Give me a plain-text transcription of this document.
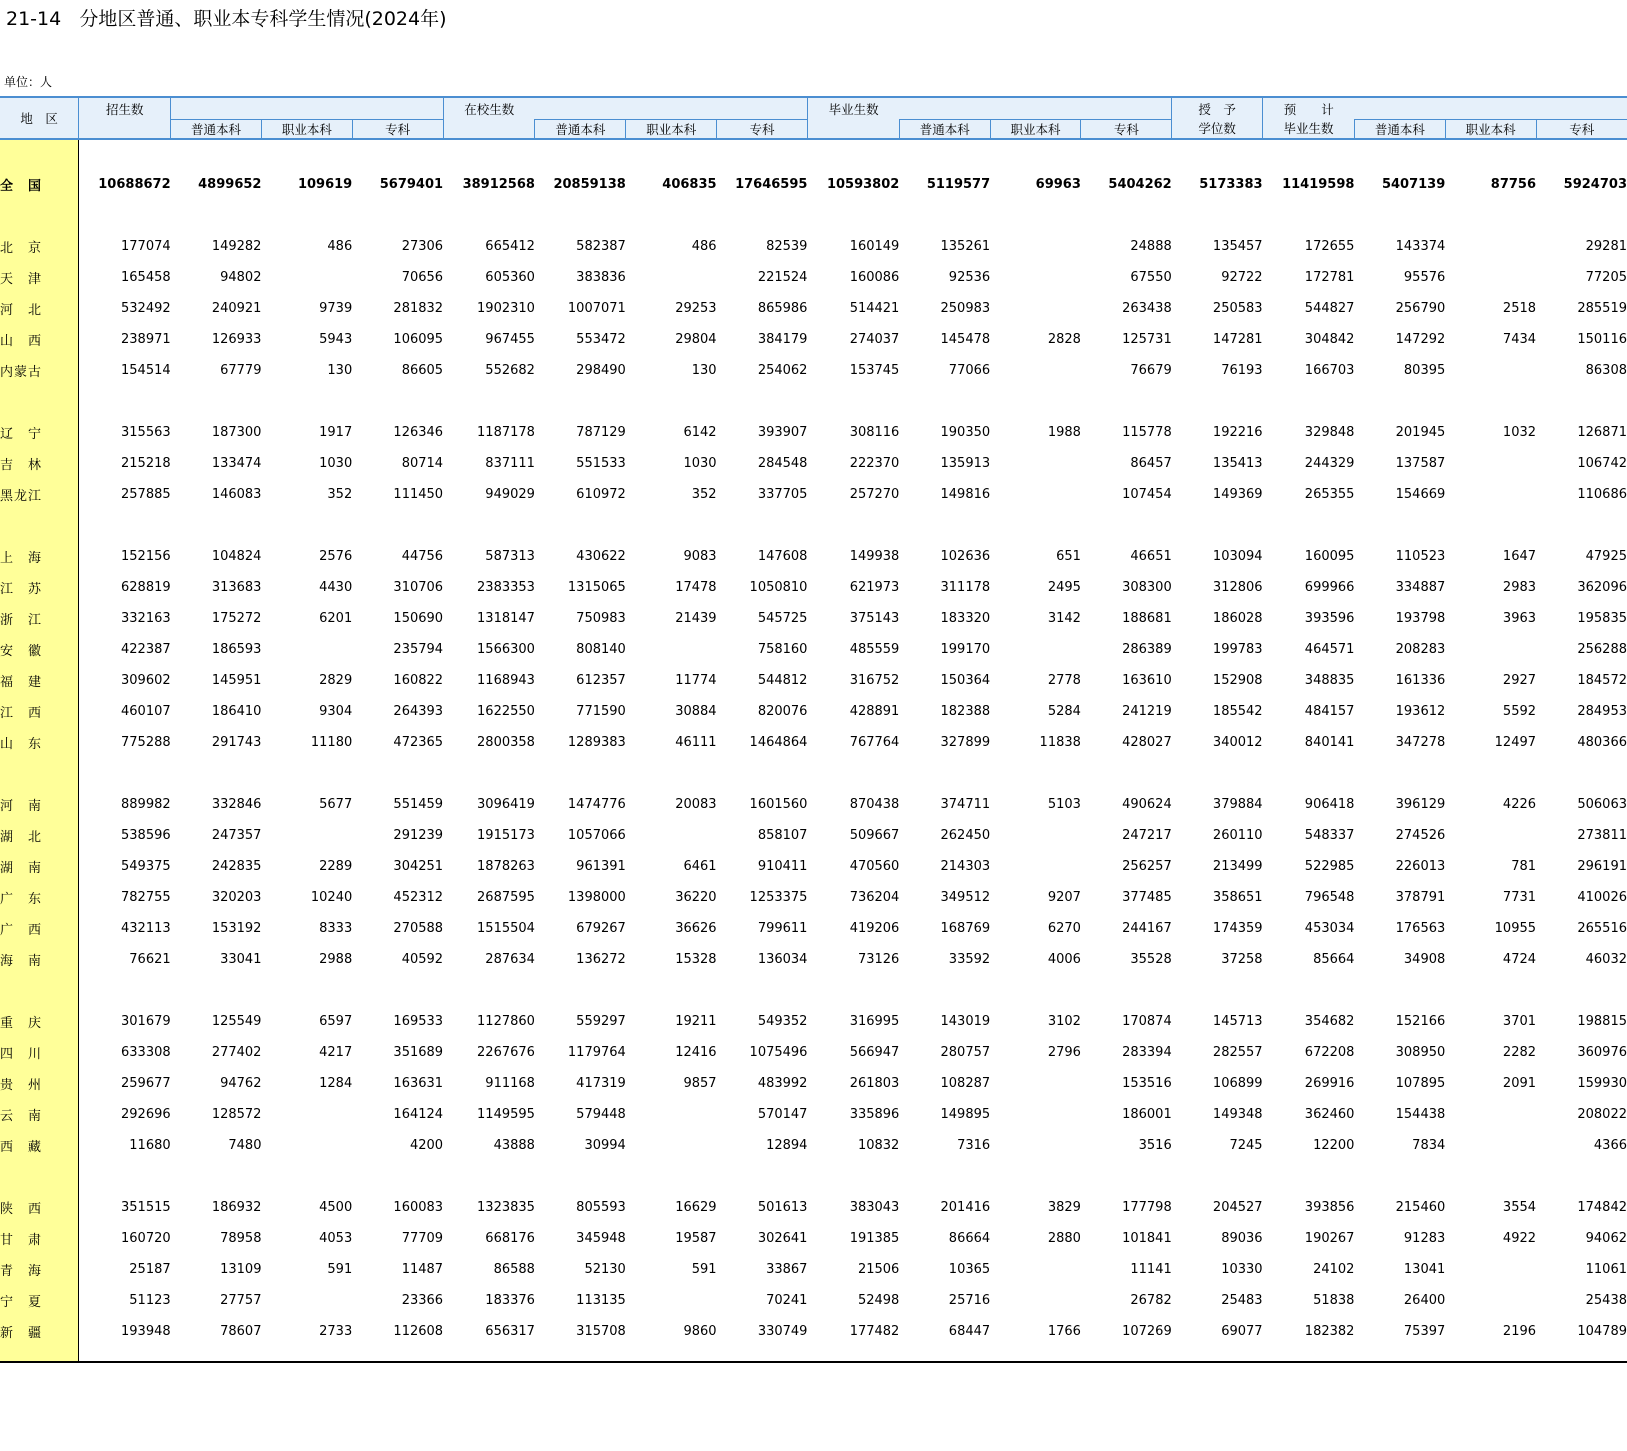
21-14   分地区普通、职业本专科学生情况(2024年)
单位：人
地　区	招生数				在校生数				毕业生数				授　予	预　　计			
		普通本科	职业本科	专科		普通本科	职业本科	专科		普通本科	职业本科	专科	学位数	毕业生数	普通本科	职业本科	专科

全　国	10688672	4899652	109619	5679401	38912568	20859138	406835	17646595	10593802	5119577	69963	5404262	5173383	11419598	5407139	87756	5924703

北　京	177074	149282	486	27306	665412	582387	486	82539	160149	135261		24888	135457	172655	143374		29281
天　津	165458	94802		70656	605360	383836		221524	160086	92536		67550	92722	172781	95576		77205
河　北	532492	240921	9739	281832	1902310	1007071	29253	865986	514421	250983		263438	250583	544827	256790	2518	285519
山　西	238971	126933	5943	106095	967455	553472	29804	384179	274037	145478	2828	125731	147281	304842	147292	7434	150116
内蒙古	154514	67779	130	86605	552682	298490	130	254062	153745	77066		76679	76193	166703	80395		86308

辽　宁	315563	187300	1917	126346	1187178	787129	6142	393907	308116	190350	1988	115778	192216	329848	201945	1032	126871
吉　林	215218	133474	1030	80714	837111	551533	1030	284548	222370	135913		86457	135413	244329	137587		106742
黑龙江	257885	146083	352	111450	949029	610972	352	337705	257270	149816		107454	149369	265355	154669		110686

上　海	152156	104824	2576	44756	587313	430622	9083	147608	149938	102636	651	46651	103094	160095	110523	1647	47925
江　苏	628819	313683	4430	310706	2383353	1315065	17478	1050810	621973	311178	2495	308300	312806	699966	334887	2983	362096
浙　江	332163	175272	6201	150690	1318147	750983	21439	545725	375143	183320	3142	188681	186028	393596	193798	3963	195835
安　徽	422387	186593		235794	1566300	808140		758160	485559	199170		286389	199783	464571	208283		256288
福　建	309602	145951	2829	160822	1168943	612357	11774	544812	316752	150364	2778	163610	152908	348835	161336	2927	184572
江　西	460107	186410	9304	264393	1622550	771590	30884	820076	428891	182388	5284	241219	185542	484157	193612	5592	284953
山　东	775288	291743	11180	472365	2800358	1289383	46111	1464864	767764	327899	11838	428027	340012	840141	347278	12497	480366

河　南	889982	332846	5677	551459	3096419	1474776	20083	1601560	870438	374711	5103	490624	379884	906418	396129	4226	506063
湖　北	538596	247357		291239	1915173	1057066		858107	509667	262450		247217	260110	548337	274526		273811
湖　南	549375	242835	2289	304251	1878263	961391	6461	910411	470560	214303		256257	213499	522985	226013	781	296191
广　东	782755	320203	10240	452312	2687595	1398000	36220	1253375	736204	349512	9207	377485	358651	796548	378791	7731	410026
广　西	432113	153192	8333	270588	1515504	679267	36626	799611	419206	168769	6270	244167	174359	453034	176563	10955	265516
海　南	76621	33041	2988	40592	287634	136272	15328	136034	73126	33592	4006	35528	37258	85664	34908	4724	46032

重　庆	301679	125549	6597	169533	1127860	559297	19211	549352	316995	143019	3102	170874	145713	354682	152166	3701	198815
四　川	633308	277402	4217	351689	2267676	1179764	12416	1075496	566947	280757	2796	283394	282557	672208	308950	2282	360976
贵　州	259677	94762	1284	163631	911168	417319	9857	483992	261803	108287		153516	106899	269916	107895	2091	159930
云　南	292696	128572		164124	1149595	579448		570147	335896	149895		186001	149348	362460	154438		208022
西　藏	11680	7480		4200	43888	30994		12894	10832	7316		3516	7245	12200	7834		4366

陕　西	351515	186932	4500	160083	1323835	805593	16629	501613	383043	201416	3829	177798	204527	393856	215460	3554	174842
甘　肃	160720	78958	4053	77709	668176	345948	19587	302641	191385	86664	2880	101841	89036	190267	91283	4922	94062
青　海	25187	13109	591	11487	86588	52130	591	33867	21506	10365		11141	10330	24102	13041		11061
宁　夏	51123	27757		23366	183376	113135		70241	52498	25716		26782	25483	51838	26400		25438
新　疆	193948	78607	2733	112608	656317	315708	9860	330749	177482	68447	1766	107269	69077	182382	75397	2196	104789
